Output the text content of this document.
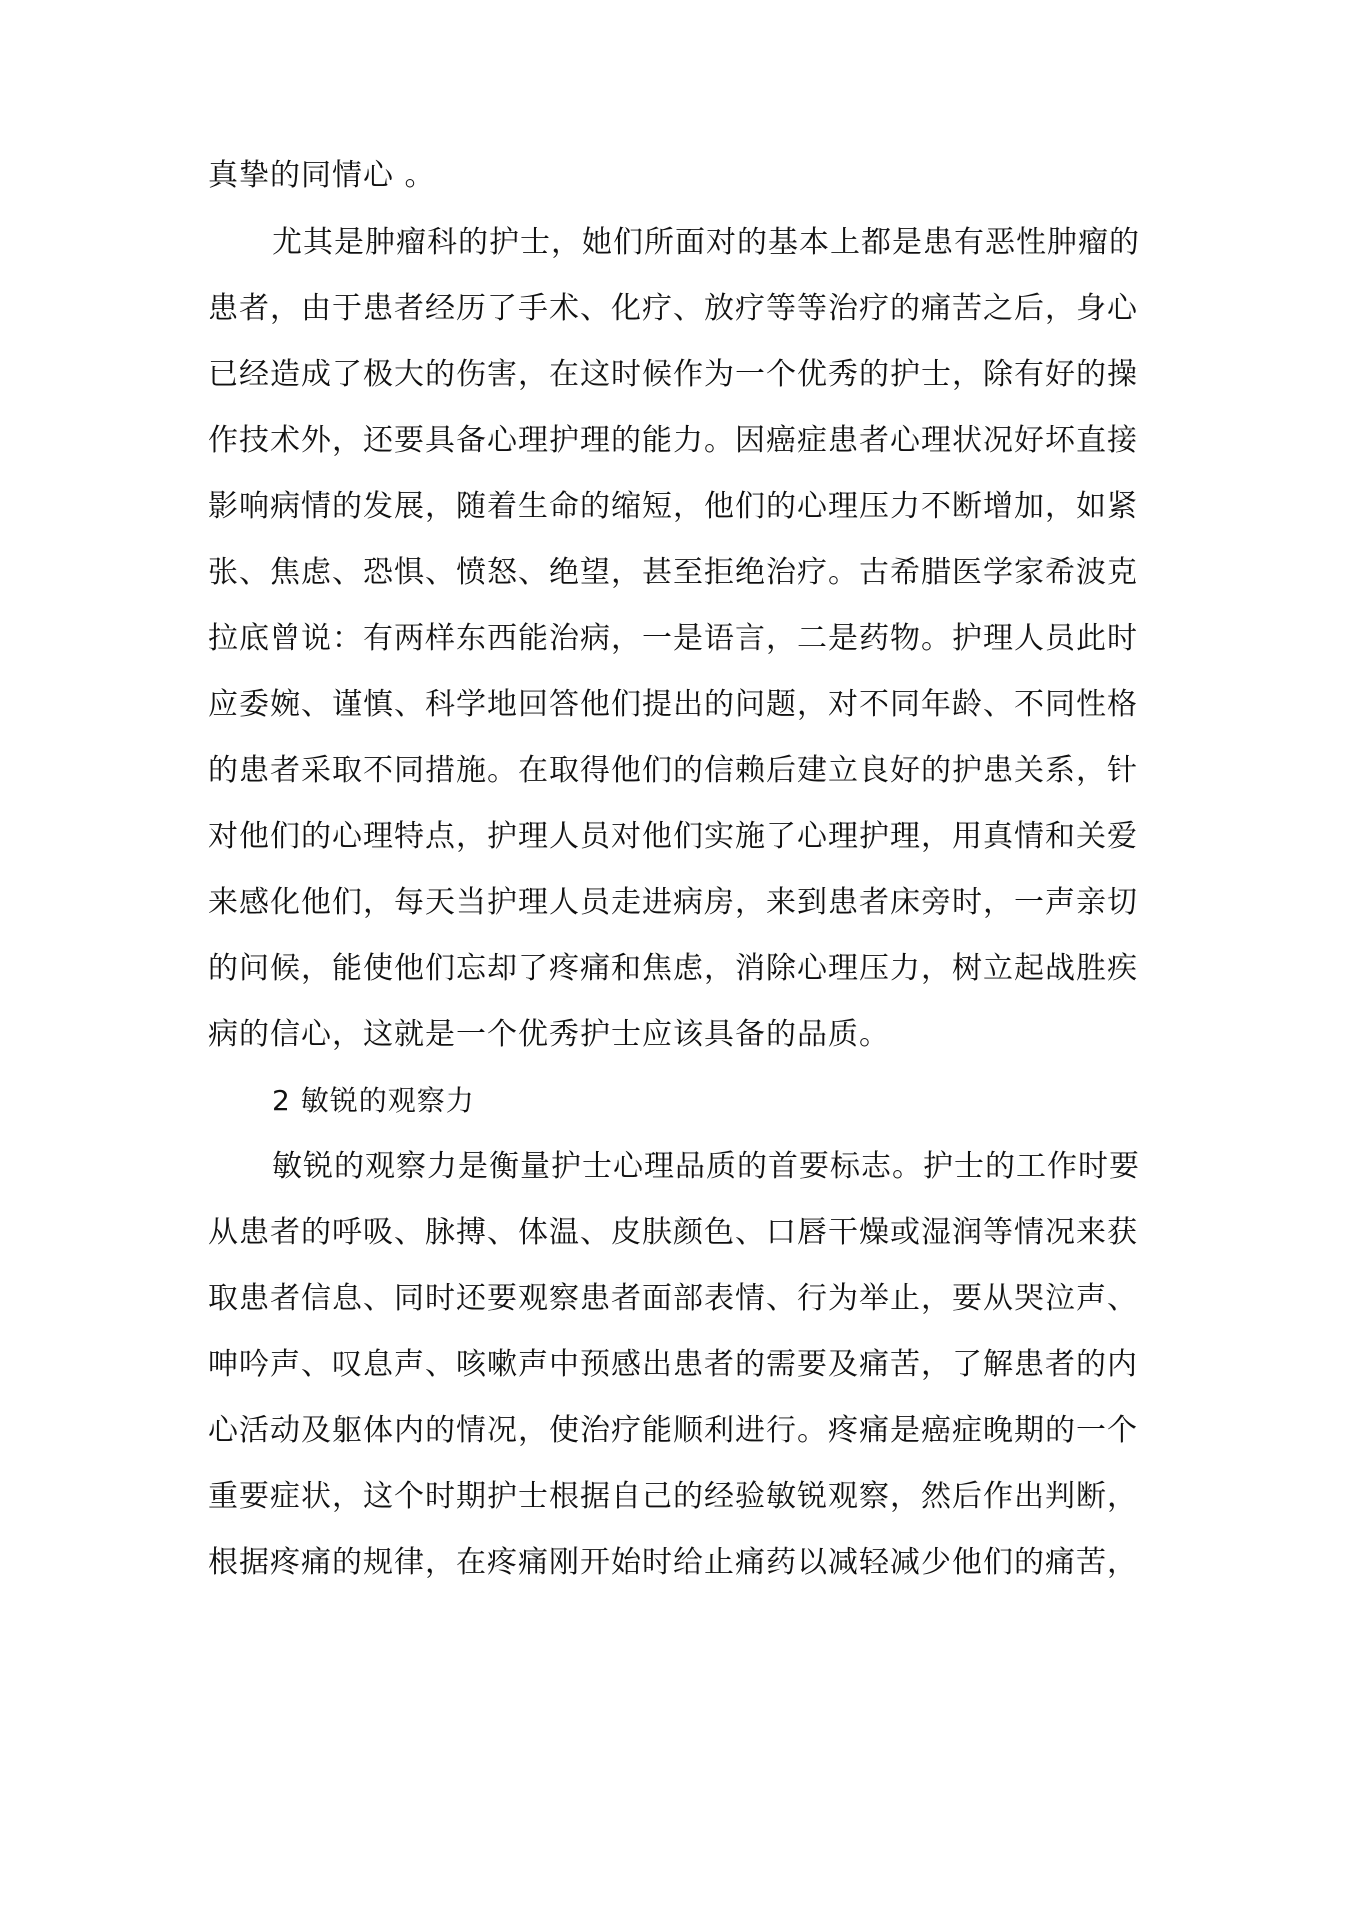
真挚的同情心 。

尤其是肿瘤科的护士，她们所面对的基本上都是患有恶性肿瘤的

患者，由于患者经历了手术、化疗、放疗等等治疗的痛苦之后，身心

已经造成了极大的伤害，在这时候作为一个优秀的护士，除有好的操

作技术外，还要具备心理护理的能力。因癌症患者心理状况好坏直接

影响病情的发展，随着生命的缩短，他们的心理压力不断增加，如紧

张、焦虑、恐惧、愤怒、绝望，甚至拒绝治疗。古希腊医学家希波克

拉底曾说：有两样东西能治病，一是语言，二是药物。护理人员此时

应委婉、谨慎、科学地回答他们提出的问题，对不同年龄、不同性格

的患者采取不同措施。在取得他们的信赖后建立良好的护患关系，针

对他们的心理特点，护理人员对他们实施了心理护理，用真情和关爱

来感化他们，每天当护理人员走进病房，来到患者床旁时，一声亲切

的问候，能使他们忘却了疼痛和焦虑，消除心理压力，树立起战胜疾

病的信心，这就是一个优秀护士应该具备的品质。

2 敏锐的观察力

敏锐的观察力是衡量护士心理品质的首要标志。护士的工作时要

从患者的呼吸、脉搏、体温、皮肤颜色、口唇干燥或湿润等情况来获

取患者信息、同时还要观察患者面部表情、行为举止，要从哭泣声、

呻吟声、叹息声、咳嗽声中预感出患者的需要及痛苦，了解患者的内

心活动及躯体内的情况，使治疗能顺利进行。疼痛是癌症晚期的一个

重要症状，这个时期护士根据自己的经验敏锐观察，然后作出判断，

根据疼痛的规律，在疼痛刚开始时给止痛药以减轻减少他们的痛苦，
